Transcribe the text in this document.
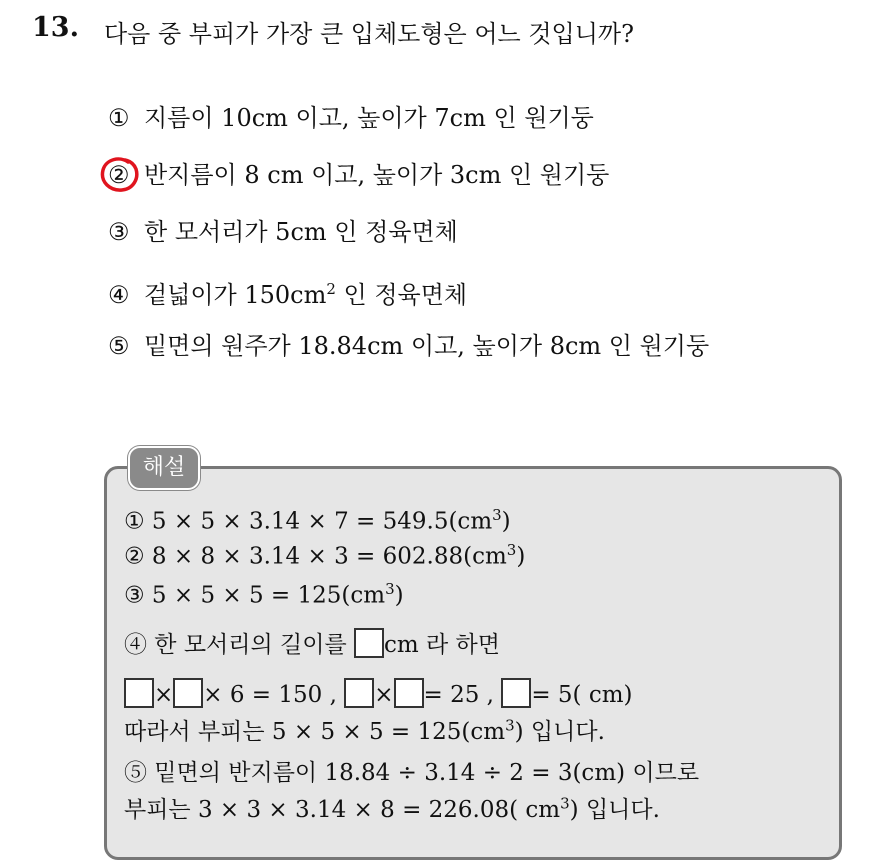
13. 다음 중 부피가 가장 큰 입체도형은 어느 것입니까?
① 지름이 10cm 이고, 높이가 7cm 인 원기둥
② 반지름이 8 cm 이고, 높이가 3cm 인 원기둥
③ 한 모서리가 5cm 인 정육면체
④ 겉넓이가 $150cm^2$ 인 정육면체
⑤ 밑면의 원주가 18.84cm 이고, 높이가 8cm 인 원기둥
해설
① $5 \times 5 \times 3.14 \times 7 = 549.5(cm^3)$
② $8 \times 8 \times 3.14 \times 3 = 602.88(cm^3)$
③ $5 \times 5 \times 5 = 125(cm^3)$
④ 한 모서리의 길이를 cm 라 하면
× × 6 = 150 , × = 25 , = 5( cm)
따라서 부피는 $5 \times 5 \times 5 = 125(cm^3)$ 입니다.
⑤ 밑면의 반지름이 18.84 ÷ 3.14 ÷ 2 = 3(cm) 이므로
부피는 3 × 3 × 3.14 × 8 = 226.08( $cm^3$) 입니다.
